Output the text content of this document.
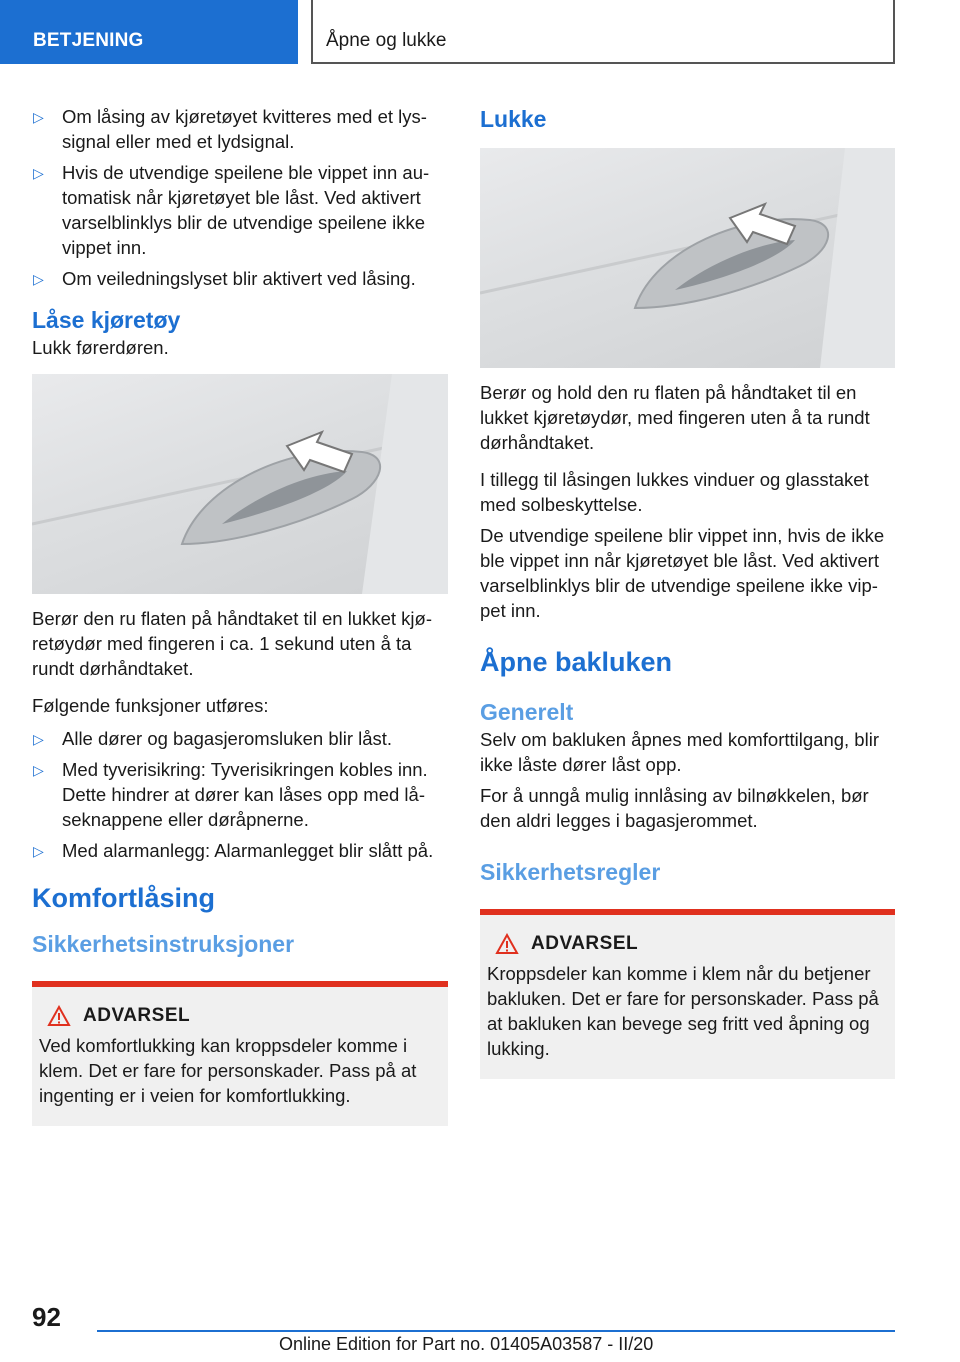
BETJENING	Åpne og lukke
▷ Om låsing av kjøretøyet kvitteres med et lyssignal eller med et lydsignal.
▷ Hvis de utvendige speilene ble vippet inn automatisk når kjøretøyet ble låst. Ved aktivert varselblinklys blir de utvendige speilene ikke vippet inn.
▷ Om veiledningslyset blir aktivert ved låsing.
Låse kjøretøy

Lukk førerdøren.

Berør den ru flaten på håndtaket til en lukket kjøretøydør med fingeren i ca. 1 sekund uten å ta rundt dørhåndtaket.

Følgende funksjoner utføres:

▷ Alle dører og bagasjeromsluken blir låst.
▷ Med tyverisikring: Tyverisikringen kobles inn. Dette hindrer at dører kan låses opp med låseknappene eller døråpnerne.
▷ Med alarmanlegg: Alarmanlegget blir slått på.
Komfortlåsing
Sikkerhetsinstruksjoner
ADVARSEL

Ved komfortlukking kan kroppsdeler komme i klem. Det er fare for personskader. Pass på at ingenting er i veien for komfortlukking.

Lukke

Berør og hold den ru flaten på håndtaket til en lukket kjøretøydør, med fingeren uten å ta rundt dørhåndtaket.

I tillegg til låsingen lukkes vinduer og glasstaket med solbeskyttelse.

De utvendige speilene blir vippet inn, hvis de ikke ble vippet inn når kjøretøyet ble låst. Ved aktivert varselblinklys blir de utvendige speilene ikke vippet inn.

Åpne bakluken
Generelt

Selv om bakluken åpnes med komforttilgang, blir ikke låste dører låst opp.

For å unngå mulig innlåsing av bilnøkkelen, bør den aldri legges i bagasjerommet.

Sikkerhetsregler
ADVARSEL

Kroppsdeler kan komme i klem når du betjener bakluken. Det er fare for personskader. Pass på at bakluken kan bevege seg fritt ved åpning og lukking.

92
Online Edition for Part no. 01405A03587 - II/20
